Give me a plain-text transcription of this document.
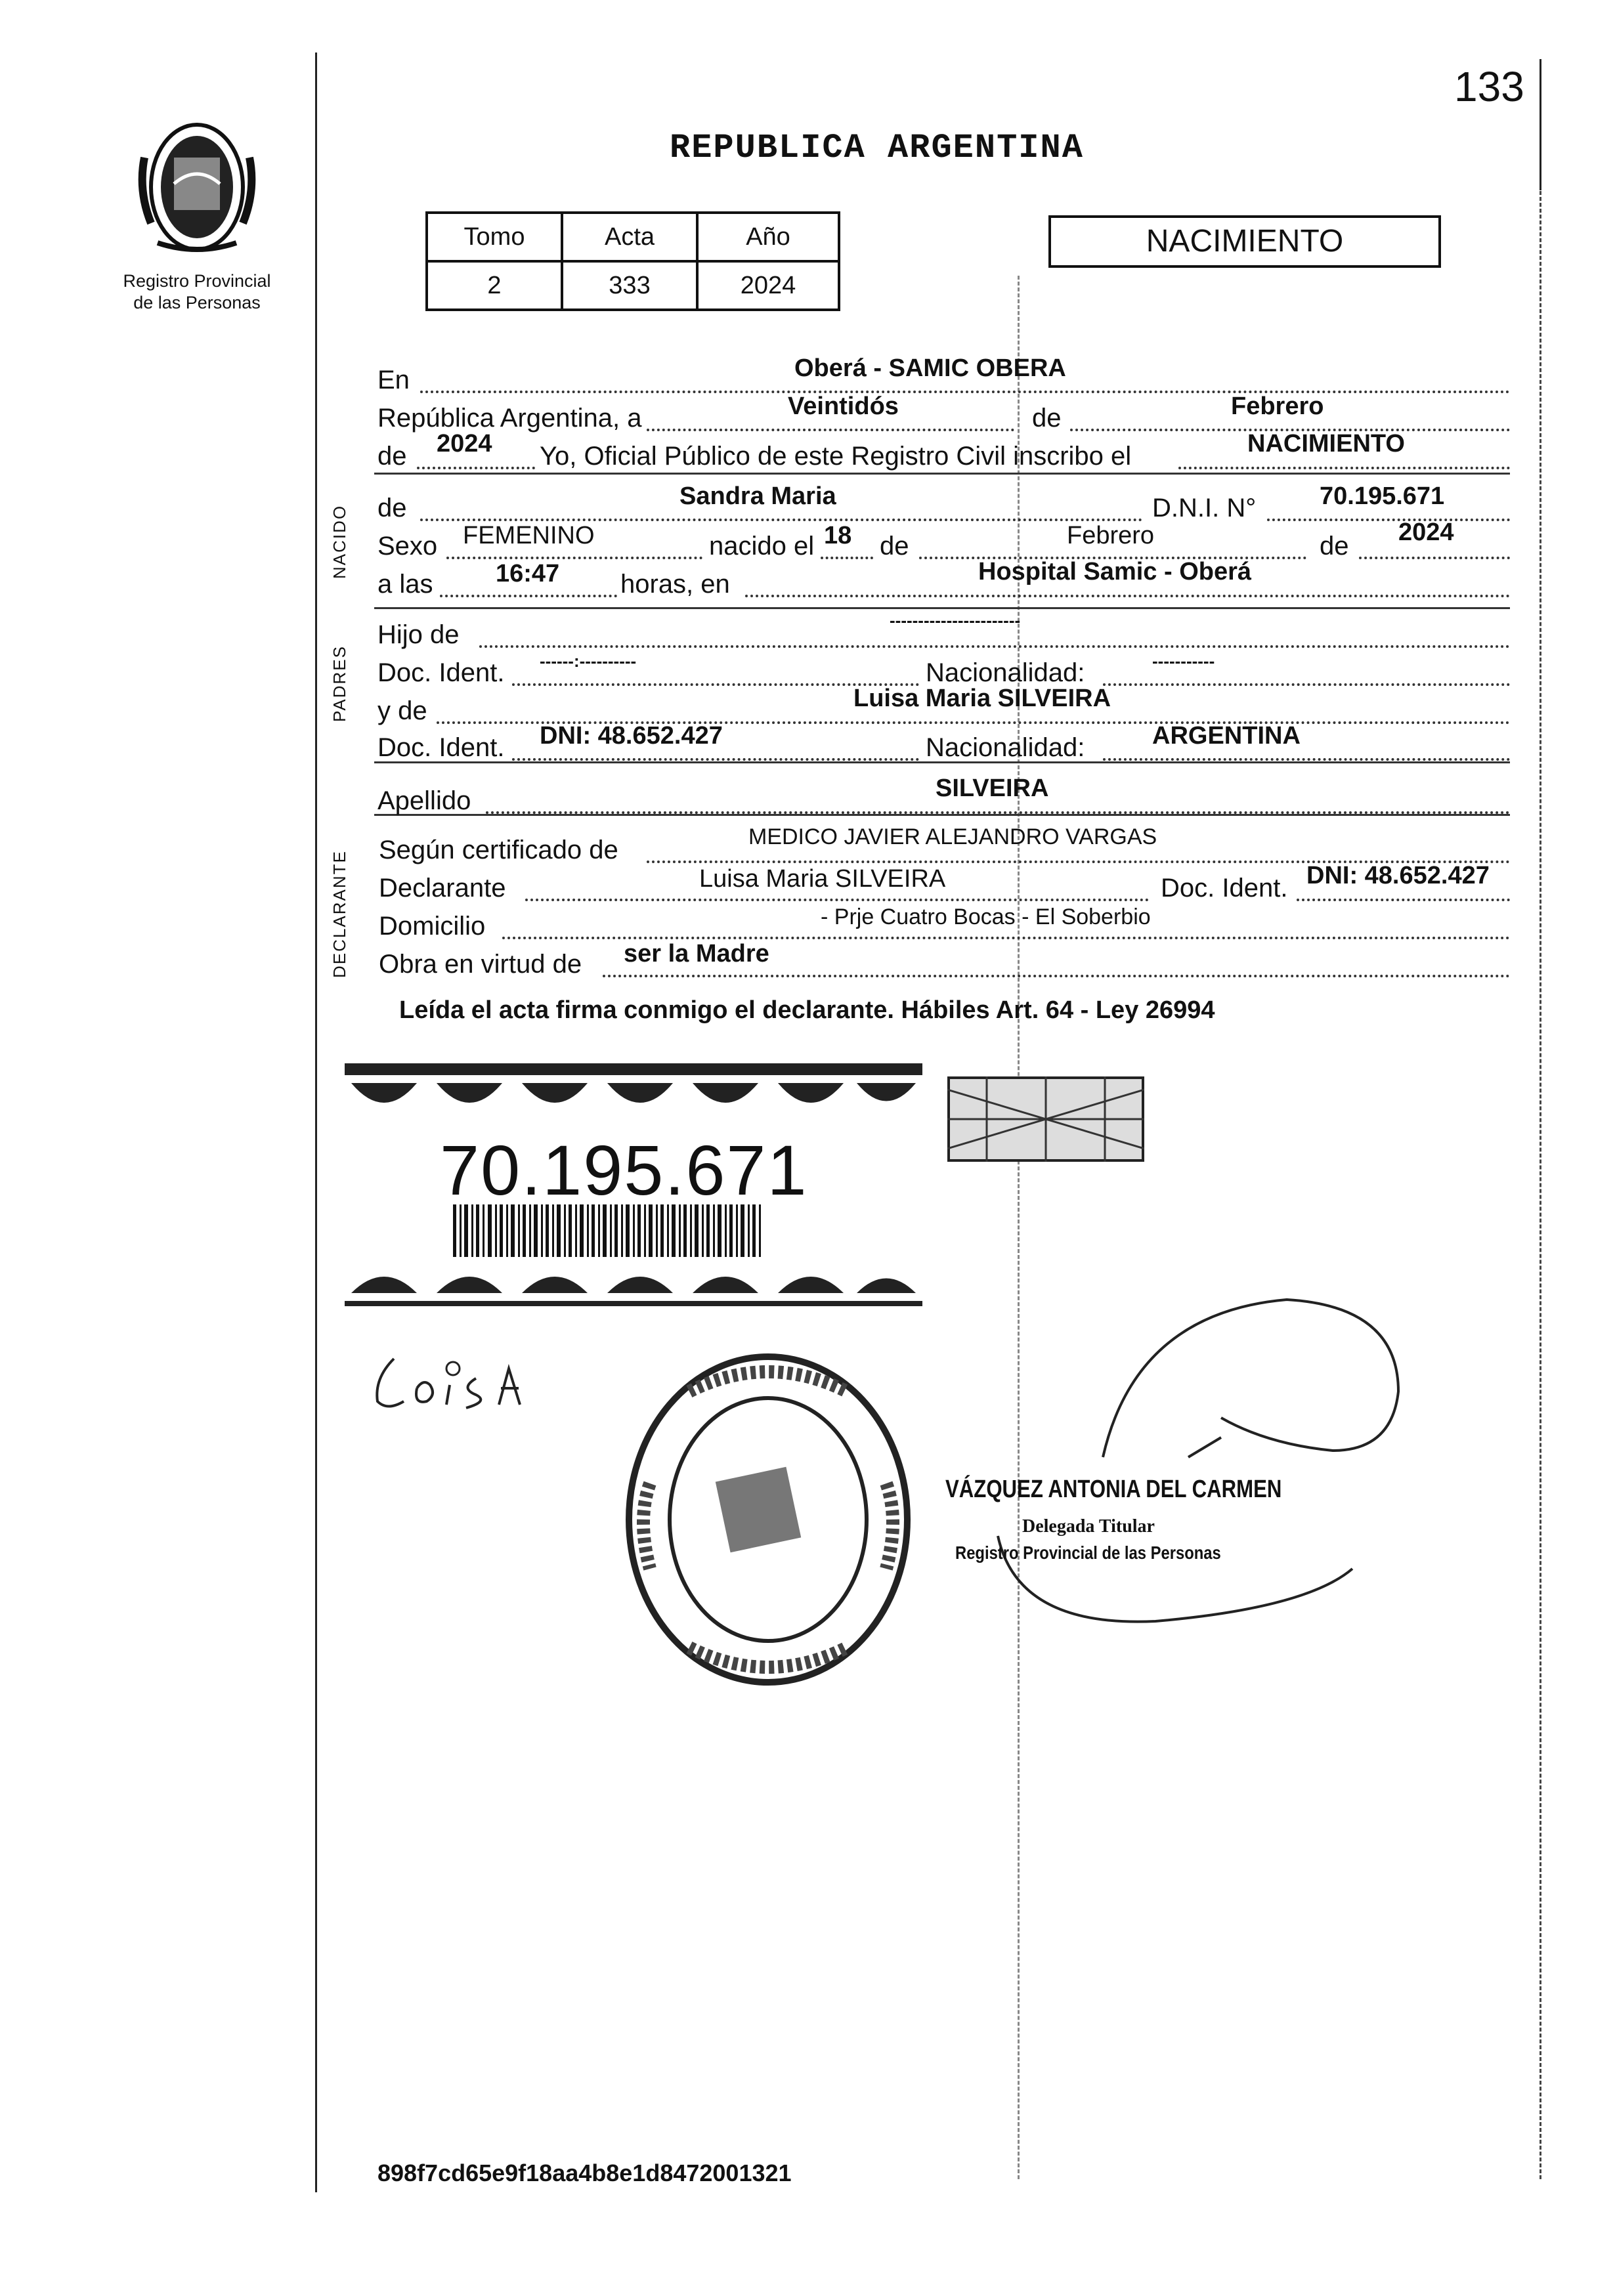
133
Registro Provincial
de las Personas
REPUBLICA ARGENTINA
Tomo	Acta	Año
2	333	2024
NACIMIENTO
NACIDO
PADRES
DECLARANTE
En	Oberá - SAMIC OBERA
República Argentina, a	Veintidós	de	Febrero
de 2024 Yo, Oficial Público de este Registro Civil inscribo el	NACIMIENTO
de	Sandra Maria	D.N.I. N°	70.195.671
Sexo FEMENINO	nacido el 18 de	Febrero	de 2024
a las	16:47 horas, en	Hospital Samic - Oberá
Hijo de	-----------------------
Doc. Ident. ------:----------	Nacionalidad:	-----------
y de	Luisa Maria SILVEIRA
Doc. Ident. DNI: 48.652.427	Nacionalidad:	ARGENTINA
Apellido	SILVEIRA
Según certificado de	MEDICO JAVIER ALEJANDRO VARGAS
Declarante	Luisa Maria SILVEIRA	Doc. Ident. DNI: 48.652.427
Domicilio	- Prje Cuatro Bocas - El Soberbio
Obra en virtud de ser la Madre
Leída el acta firma conmigo el declarante. Hábiles Art. 64 - Ley 26994
70.195.671
VÁZQUEZ ANTONIA DEL CARMEN
Delegada Titular
Registro Provincial de las Personas
898f7cd65e9f18aa4b8e1d8472001321
